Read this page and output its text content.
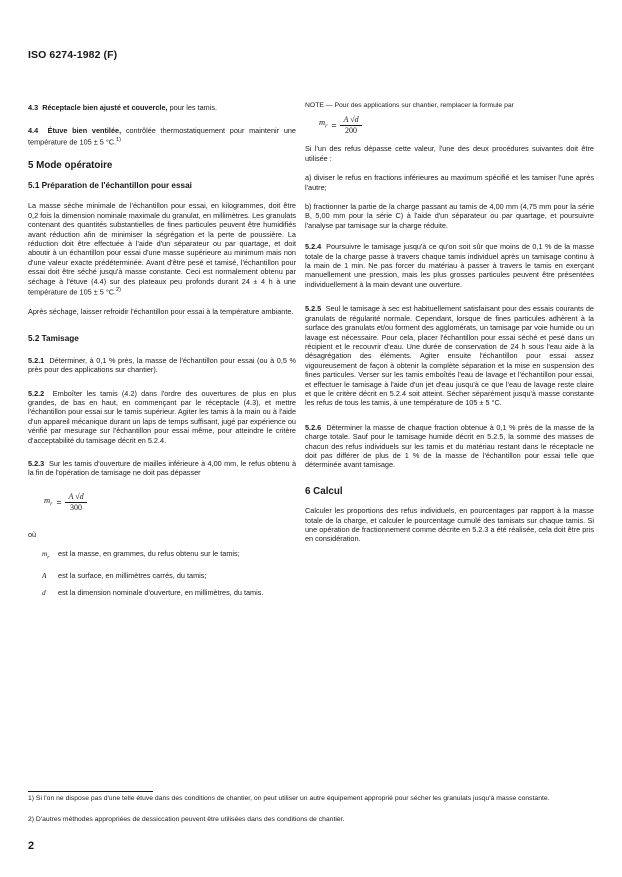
ISO 6274-1982 (F)

4.3 Réceptacle bien ajusté et couvercle, pour les tamis.

4.4 Étuve bien ventilée, contrôlée thermostatiquement pour maintenir une température de 105 ± 5 °C.$^{1)}$

5 Mode opératoire
5.1 Préparation de l'échantillon pour essai

La masse sèche minimale de l'échantillon pour essai, en kilogrammes, doit être 0,2 fois la dimension nominale maximale du granulat, en millimètres. Les granulats contenant des quantités substantielles de fines particules peuvent être humidifiés avant réduction afin de minimiser la ségrégation et la perte de poussière. La réduction doit être effectuée à l'aide d'un séparateur ou par quartage, et doit aboutir à un échantillon pour essai d'une masse supérieure au minimum mais non d'une valeur exacte prédéterminée. Avant d'être pesé et tamisé, l'échantillon pour essai doit être séché jusqu'à masse constante. Ceci est normalement obtenu par séchage à l'étuve (4.4) sur des plateaux peu profonds durant 24 ± 4 h à une température de 105 ± 5 °C.$^{2)}$

Après séchage, laisser refroidir l'échantillon pour essai à la température ambiante.

5.2 Tamisage

5.2.1 Déterminer, à 0,1 % près, la masse de l'échantillon pour essai (ou à 0,5 % près pour des applications sur chantier).

5.2.2 Emboîter les tamis (4.2) dans l'ordre des ouvertures de plus en plus grandes, de bas en haut, en commençant par le réceptacle (4.3), et mettre l'échantillon pour essai sur le tamis supérieur. Agiter les tamis à la main ou à l'aide d'un appareil mécanique durant un laps de temps suffisant, jugé par expérience ou vérifié par mesurage sur l'échantillon pour essai même, pour atteindre le critère d'acceptabilité du tamisage décrit en 5.2.4.

5.2.3 Sur les tamis d'ouverture de mailles inférieure à 4,00 mm, le refus obtenu à la fin de l'opération de tamisage ne doit pas dépasser

$m_r = \frac{A √d}{300}$

où

$m_r$ est la masse, en grammes, du refus obtenu sur le tamis;

A est la surface, en millimètres carrés, du tamis;

d est la dimension nominale d'ouverture, en millimètres, du tamis.

NOTE — Pour des applications sur chantier, remplacer la formule par

$m_r = \frac{A √d}{200}$

Si l'un des refus dépasse cette valeur, l'une des deux procédures suivantes doit être utilisée :

a) diviser le refus en fractions inférieures au maximum spécifié et les tamiser l'une après l'autre;

b) fractionner la partie de la charge passant au tamis de 4,00 mm (4,75 mm pour la série B, 5,00 mm pour la série C) à l'aide d'un séparateur ou par quartage, et poursuivre l'analyse par tamisage sur la charge réduite.

5.2.4 Poursuivre le tamisage jusqu'à ce qu'on soit sûr que moins de 0,1 % de la masse totale de la charge passe à travers chaque tamis individuel après un tamisage continu à la main de 1 min. Ne pas forcer du matériau à passer à travers le tamis en exerçant manuellement une pression, mais les plus grosses particules peuvent être présentées individuellement à la main devant une ouverture.

5.2.5 Seul le tamisage à sec est habituellement satisfaisant pour des essais courants de granulats de régularité normale. Cependant, lorsque de fines particules adhèrent à la surface des granulats et/ou forment des agglomérats, un tamisage par voie humide ou un lavage est nécessaire. Pour cela, placer l'échantillon pour essai séché et pesé dans un récipient et le recouvrir d'eau. Une durée de conservation de 24 h sous l'eau aide à la désagrégation des éléments. Agiter ensuite l'échantillon pour essai assez vigoureusement de façon à obtenir la complète séparation et la mise en suspension des fines particules. Verser sur les tamis emboîtés l'eau de lavage et l'échantillon pour essai, et effectuer le tamisage à l'aide d'un jet d'eau jusqu'à ce que l'eau de lavage reste claire et que le critère décrit en 5.2.4 soit atteint. Sécher séparément jusqu'à masse constante les refus de tous les tamis, à une température de 105 ± 5 °C.

5.2.6 Déterminer la masse de chaque fraction obtenue à 0,1 % près de la masse de la charge totale. Sauf pour le tamisage humide décrit en 5.2.5, la somme des masses de chacun des refus individuels sur les tamis et du matériau restant dans le réceptacle ne doit pas différer de plus de 1 % de la masse de l'échantillon pour essai telle que déterminée avant tamisage.

6 Calcul

Calculer les proportions des refus individuels, en pourcentages par rapport à la masse totale de la charge, et calculer le pourcentage cumulé des tamisats sur chaque tamis. Si une opération de fractionnement comme décrite en 5.2.3 a été réalisée, cela doit être pris en considération.

1) Si l'on ne dispose pas d'une telle étuve dans des conditions de chantier, on peut utiliser un autre équipement approprié pour sécher les granulats jusqu'à masse constante.
2) D'autres méthodes appropriées de dessiccation peuvent être utilisées dans des conditions de chantier.
2
